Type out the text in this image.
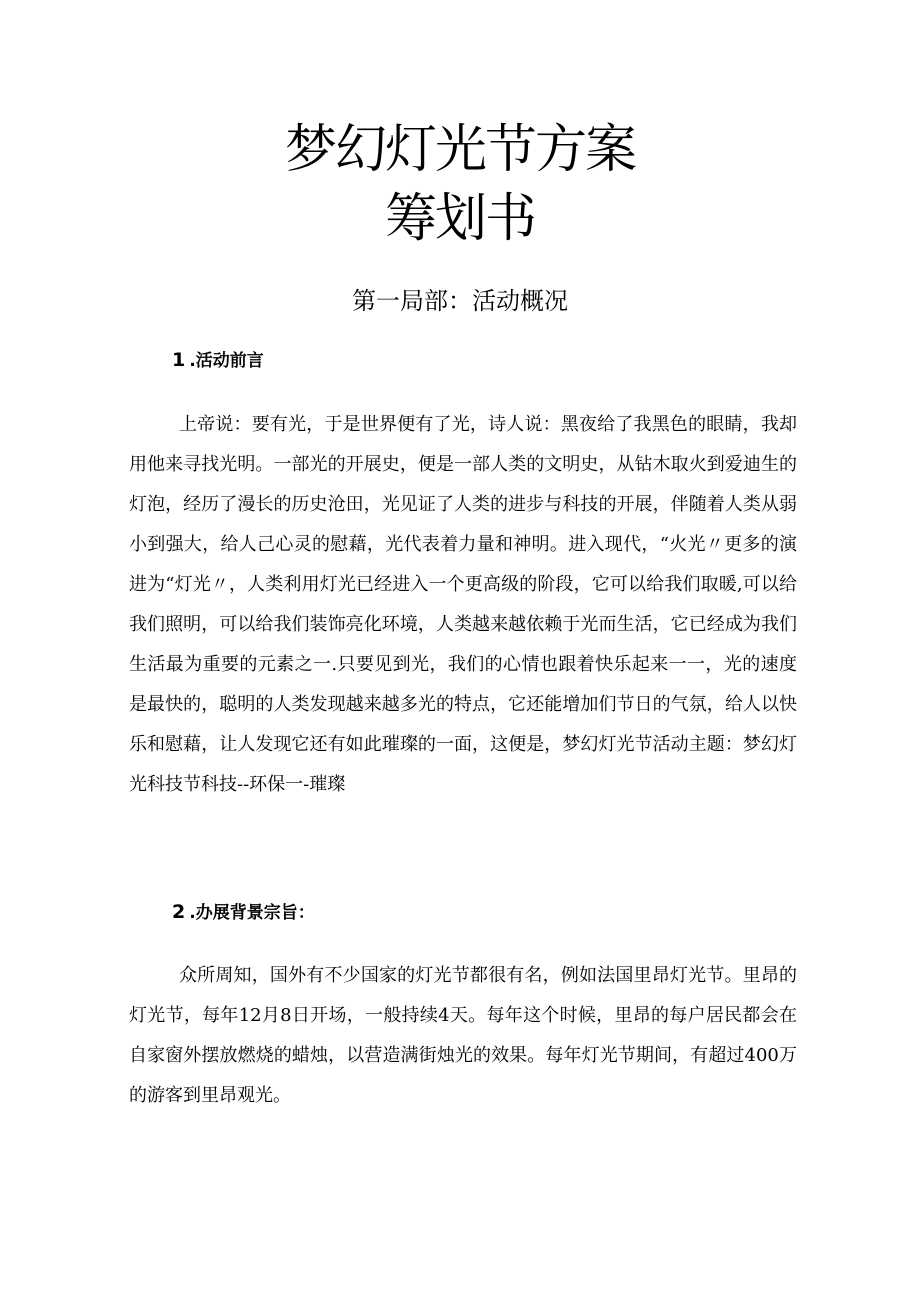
梦幻灯光节方案
筹划书
第一局部：活动概况
1 .活动前言

上帝说：要有光，于是世界便有了光，诗人说：黑夜给了我黑色的眼睛，我却用他来寻找光明。一部光的开展史，便是一部人类的文明史，从钻木取火到爱迪生的灯泡，经历了漫长的历史沧田，光见证了人类的进步与科技的开展，伴随着人类从弱小到强大，给人己心灵的慰藉，光代表着力量和神明。进入现代，“火光〃更多的演进为“灯光〃，人类利用灯光已经进入一个更高级的阶段，它可以给我们取暖,可以给我们照明，可以给我们装饰亮化环境，人类越来越依赖于光而生活，它已经成为我们生活最为重要的元素之一.只要见到光，我们的心情也跟着快乐起来一一，光的速度是最快的，聪明的人类发现越来越多光的特点，它还能增加们节日的气氛，给人以快乐和慰藉，让人发现它还有如此璀璨的一面，这便是，梦幻灯光节活动主题：梦幻灯光科技节科技--环保一-璀璨

2 .办展背景宗旨：

众所周知，国外有不少国家的灯光节都很有名，例如法国里昂灯光节。里昂的灯光节，每年12月8日开场，一般持续4天。每年这个时候，里昂的每户居民都会在自家窗外摆放燃烧的蜡烛，以营造满街烛光的效果。每年灯光节期间，有超过400万的游客到里昂观光。
